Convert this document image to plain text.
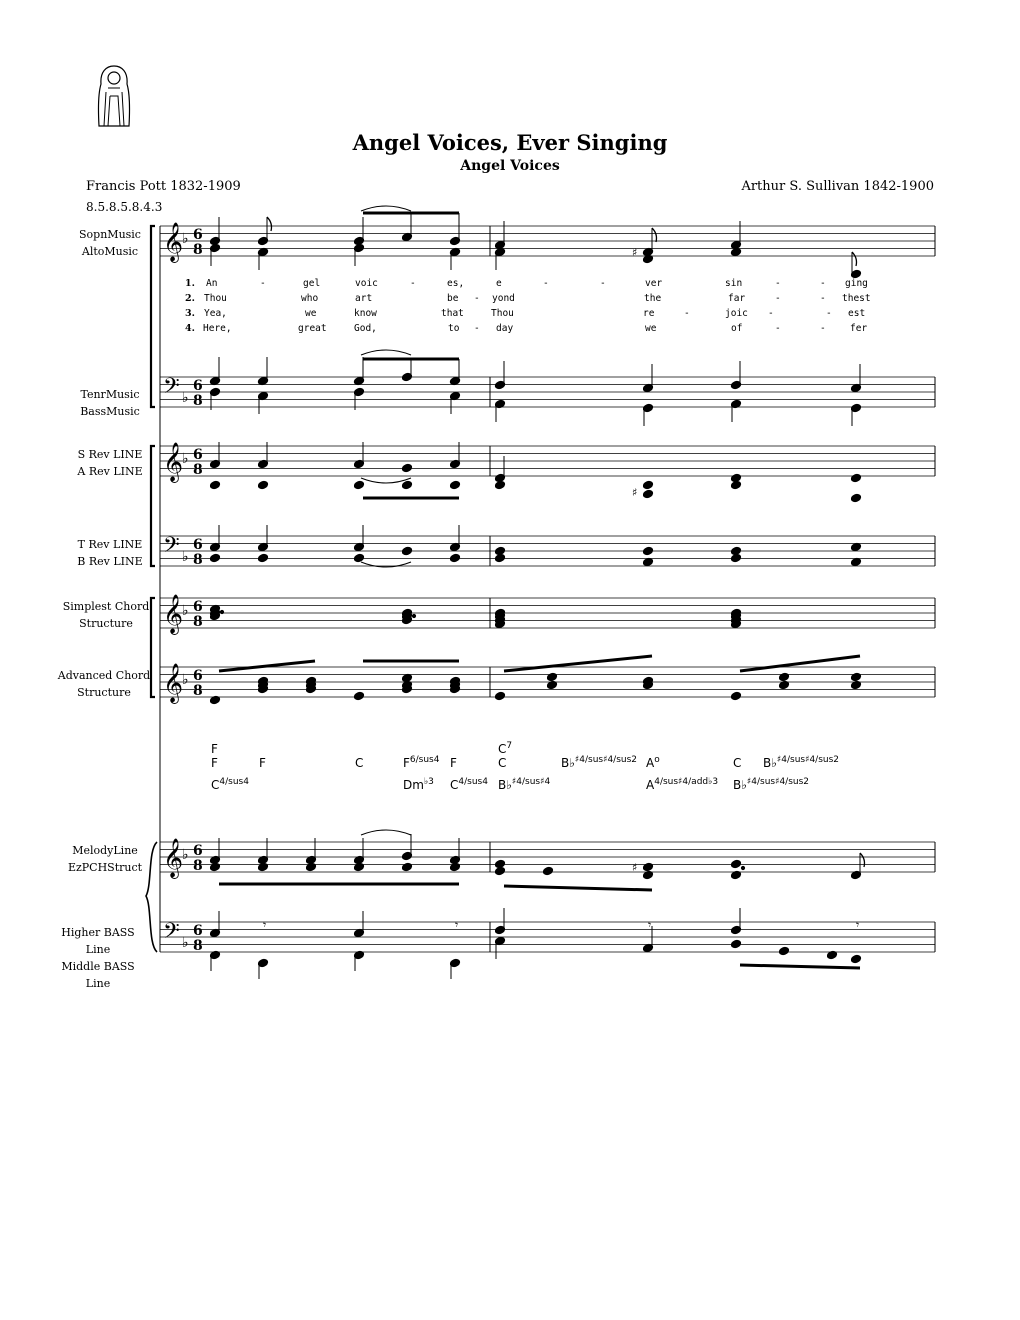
Angel Voices, Ever Singing
Angel Voices
Francis Pott 1832-1909	Arthur S. Sullivan 1842-1900
8.5.8.5.8.4.3
SopnMusic
AltoMusic
TenrMusic
BassMusic
S Rev LINE
A Rev LINE
T Rev LINE
B Rev LINE
Simplest Chord
Structure
Advanced Chord
Structure
MelodyLine
EzPCHStruct
Higher BASS Line
Middle BASS Line
𝄞
♭ 6
8
𝄢 ♭
6
8
𝄞
♭ 6
8
𝄢 ♭
6
8
𝄞
♭ 6
8
𝄞
♭ 6
8
𝄞
♭ 6
8
𝄢 ♭
6
8
♯
♯
♯
𝄾	𝄾	𝄾	𝄾
1.
2.
3.
4.
An	-	gel	voic	-	es,	e	-	-	ver	sin	-	- ging
Thou	who	art	be - yond	the	far	-	- thest
Yea,	we	know	that	Thou	re	-	joic -	- est
Here,	great	God,	to - day	we	of	-	-	fer
F	$C^7$
F	F	C	$F^{6/sus4}$ F	C	B♭$^{♯4/sus♯4/sus2}$ $A^o$	C B♭$^{♯4/sus♯4/sus2}$
$C^{4/sus4}$	$Dm^{♭3}$ $C^{4/sus4}$ B♭$^{♯4/sus♯4}$	$A^{4/sus♯4/add♭3}$ B♭$^{♯4/sus♯4/sus2}$
